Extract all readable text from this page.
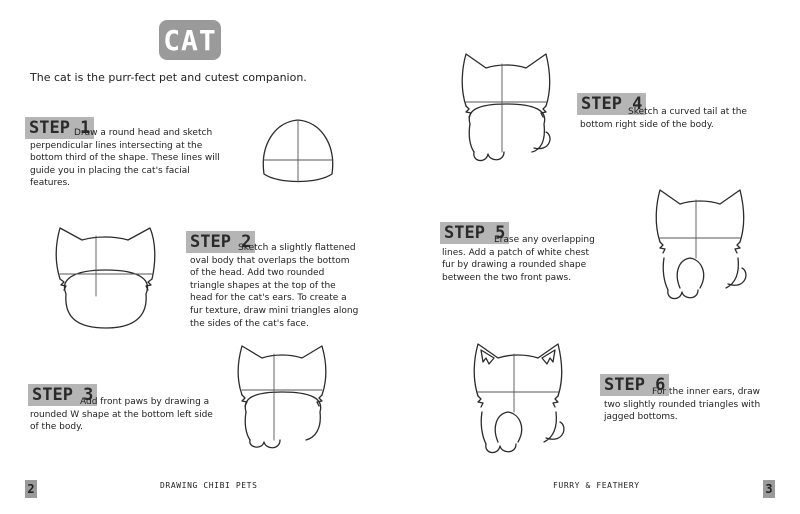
CAT
The cat is the purr-fect pet and cutest companion.
STEP 1
Draw a round head and sketch perpendicular lines intersecting at the bottom third of the shape. These lines will guide you in placing the cat's facial features.
STEP 2
Sketch a slightly flattened oval body that overlaps the bottom of the head. Add two rounded triangle shapes at the top of the head for the cat's ears. To create a fur texture, draw mini triangles along the sides of the cat's face.
STEP 3
Add front paws by drawing a rounded W shape at the bottom left side of the body.
2	DRAWING CHIBI PETS
STEP 4
Sketch a curved tail at the bottom right side of the body.
STEP 5
Erase any overlapping lines. Add a patch of white chest fur by drawing a rounded shape between the two front paws.
STEP 6
For the inner ears, draw two slightly rounded triangles with jagged bottoms.
FURRY & FEATHERY	3
